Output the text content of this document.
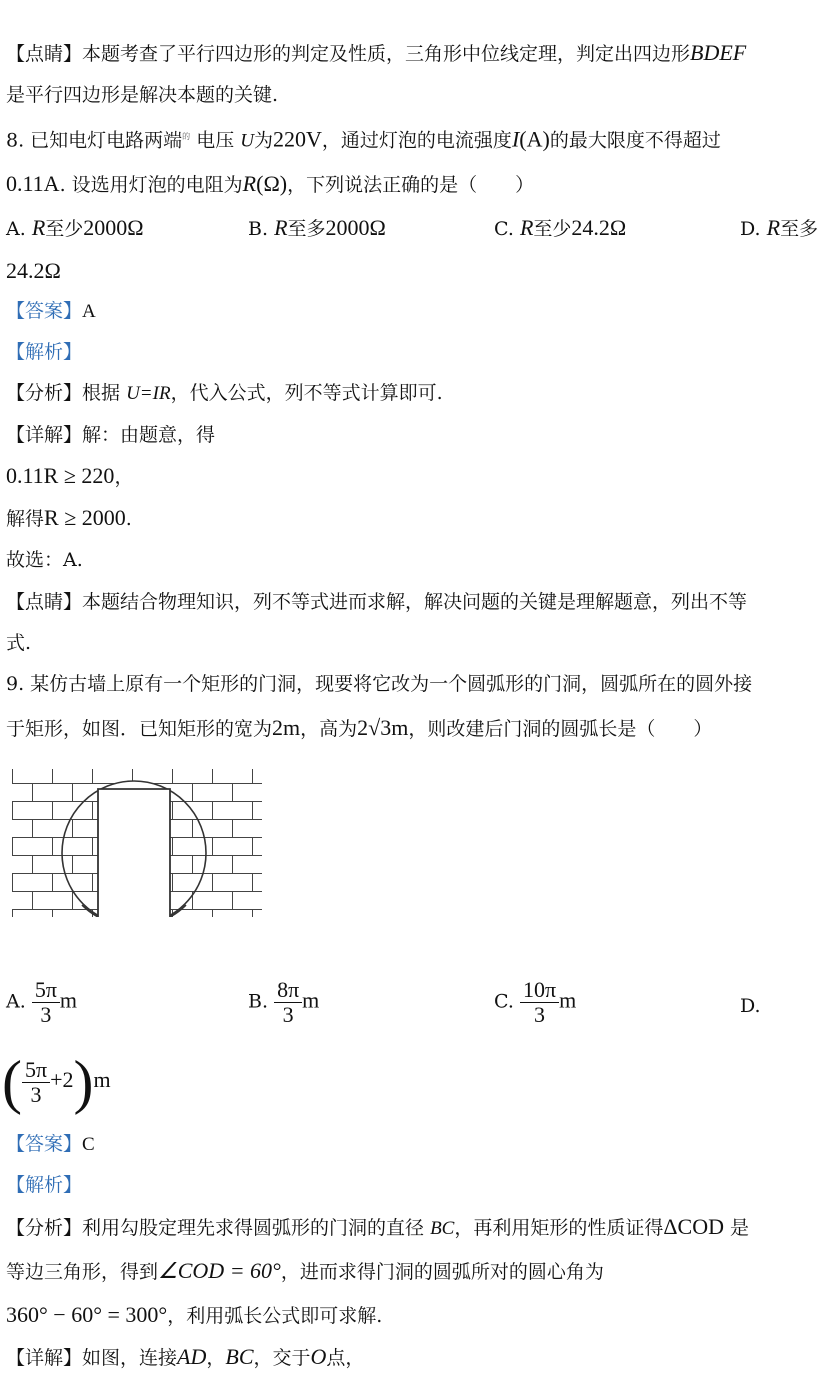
【点睛】本题考查了平行四边形的判定及性质，三角形中位线定理，判定出四边形BDEF
是平行四边形是解决本题的关键.
8. 已知电灯电路两端$^的$ 电压 U为220V，通过灯泡的电流强度I(A)的最大限度不得超过
0.11A. 设选用灯泡的电阻为R(Ω)，下列说法正确的是（　　）
A. R至少2000Ω	B. R至多2000Ω	C. R至少24.2Ω	D. R至多
24.2Ω
【答案】A
【解析】
【分析】根据 U=IR，代入公式，列不等式计算即可.
【详解】解：由题意，得
0.11R ≥ 220，
解得R ≥ 2000.
故选：A.
【点睛】本题结合物理知识，列不等式进而求解，解决问题的关键是理解题意，列出不等
式.
9. 某仿古墙上原有一个矩形的门洞，现要将它改为一个圆弧形的门洞，圆弧所在的圆外接
于矩形，如图．已知矩形的宽为2m，高为2√3m，则改建后门洞的圆弧长是（　　）
A. $\frac{5\pi}{3}$ m	B. $\frac{8\pi}{3}$ m	C. $\frac{10\pi}{3}$ m	D.
( $\frac{5\pi}{3} +2)m$
【答案】C
【解析】
【分析】利用勾股定理先求得圆弧形的门洞的直径 BC，再利用矩形的性质证得ΔCOD 是
等边三角形，得到∠COD = 60°，进而求得门洞的圆弧所对的圆心角为
360° − 60° = 300°，利用弧长公式即可求解.
【详解】如图，连接AD，BC，交于O点，
